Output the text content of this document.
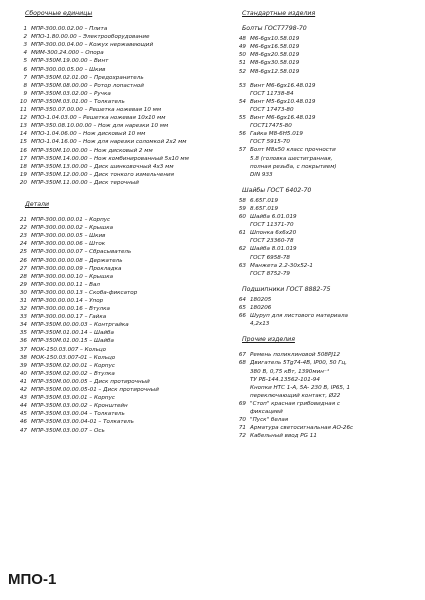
Сборочные единицы
1 МПР-300.00.02.00 – Плита
2 МПО-1.80.00.00 – Электрооборудование
3 МПР-300.00.04.00 – Кожух нержавеющий
4 МИМ-300.24.000 – Опора
5 МПР-350М.19.00.00 – Винт
6 МПР-300.00.05.00 – Шкив
7 МПР-350М.02.01.00 – Предохранитель
8 МПР-350М.08.00.00 – Ротор лопастной
9 МПР-350М.03.02.00 – Ручка
10 МПР-350М.03.01.00 – Толкатель
11 МПР-350.07.00.00 – Решетка ножевая 10 мм
12 МПО-1.04.03.00 – Решетка ножевая 10х10 мм
13 МПР-350.08.10.00.00 – Нож для нарезки 10 мм
14 МПО-1.04.06.00 – Нож дисковый 10 мм
15 МПО-1.04.16.00 – Нож для нарезки соломкой 2х2 мм
16 МПР-350М.10.00.00 – Нож дисковый 2 мм
17 МПР-350М.14.00.00 – Нож комбинированный 5х10 мм
18 МПР-350М.13.00.00 – Диск шинковочный 4х3 мм
19 МПР-350М.12.00.00 – Диск тонкого измельчения
20 МПР-350М.11.00.00 – Диск терочный
Детали
21 МПР-300.00.00.01 – Корпус
22 МПР-300.00.00.02 – Крышка
23 МПР-300.00.00.05 – Шкив
24 МПР-300.00.00.06 – Шток
25 МПР-300.00.00.07 – Сбрасыватель
26 МПР-300.00.00.08 – Держатель
27 МПР-300.00.00.09 – Прокладка
28 МПР-300.00.00.10 – Крышка
29 МПР-300.00.00.11 – Вал
30 МПР-300.00.00.13 – Скоба-фиксатор
31 МПР-300.00.00.14 – Упор
32 МПР-300.00.00.16 – Втулка
33 МПР-300.00.00.17 – Гайка
34 МПР-350М.00.00.03 – Контргайка
35 МПР-350М.01.00.14 – Шайба
36 МПР-350М.01.00.15 – Шайба
37 МОК-150.03.007 – Кольцо
38 МОК-150.03.007-01 – Кольцо
39 МПР-350М.02.00.01 – Корпус
40 МПР-350М.02.00.02 – Втулка
41 МПР-350М.00.00.05 – Диск протирочный
42 МПР-350М.00.00.05-01 – Диск протирочный
43 МПР-350М.03.00.01 – Корпус
44 МПР-350М.03.00.02 – Кронштейн
45 МПР-350М.03.00.04 – Толкатель
46 МПР-350М.03.00.04-01 – Толкатель
47 МПР-350М.03.00.07 – Ось
Стандартные изделия
Болты ГОСТ7798-70
48 М6-6gx10.58.019
49 М6-6gx16.58.019
50 М8-6gx20.58.019
51 М8-6gx30.58.019
52 М8-6gx12.58.019
53 Винт М6-6gx16.48.019
ГОСТ 11738-84
54 Винт М5-6gx10.48.019
ГОСТ 17473-80
55 Винт М6-6gx16.48.019
ГОСТ17475-80
56 Гайка М8-6Н5.019
ГОСТ 5915-70
57 Болт М8х50 класс прочности
5.8 (головка шестигранная,
полная резьба, с покрытием)
DIN 933
Шайбы ГОСТ 6402-70
58 6.65Г.019
59 8.65Г.019
60 Шайба 6.01.019
ГОСТ 11371-70
61 Шпонка 6х6х20
ГОСТ 23360-78
62 Шайба 8.01.019
ГОСТ 6958-78
63 Манжета 2.2-30х52-1
ГОСТ 8752-79
Подшипники ГОСТ 8882-75
64 180205
65 180206
66 Шуруп для листового материала
4,2х13
Прочие изделия
67 Ремень поликлиновой 508PJ12
68 Двигатель 5Tg74-4В, IP00, 50 Гц,
380 В, 0,75 кВт, 1390мин⁻¹
ТУ РБ-144.13562-101-94
Кнопки НТС 1-А, 5А- 230 В, IP65, 1
переключающий контакт, Ø22
69 "Стоп" красная грибовидная с
фиксацией
70 "Пуск" белая
71 Арматура светосигнальная АО-26с
72 Кабельный ввод PG 11
МПО-1
